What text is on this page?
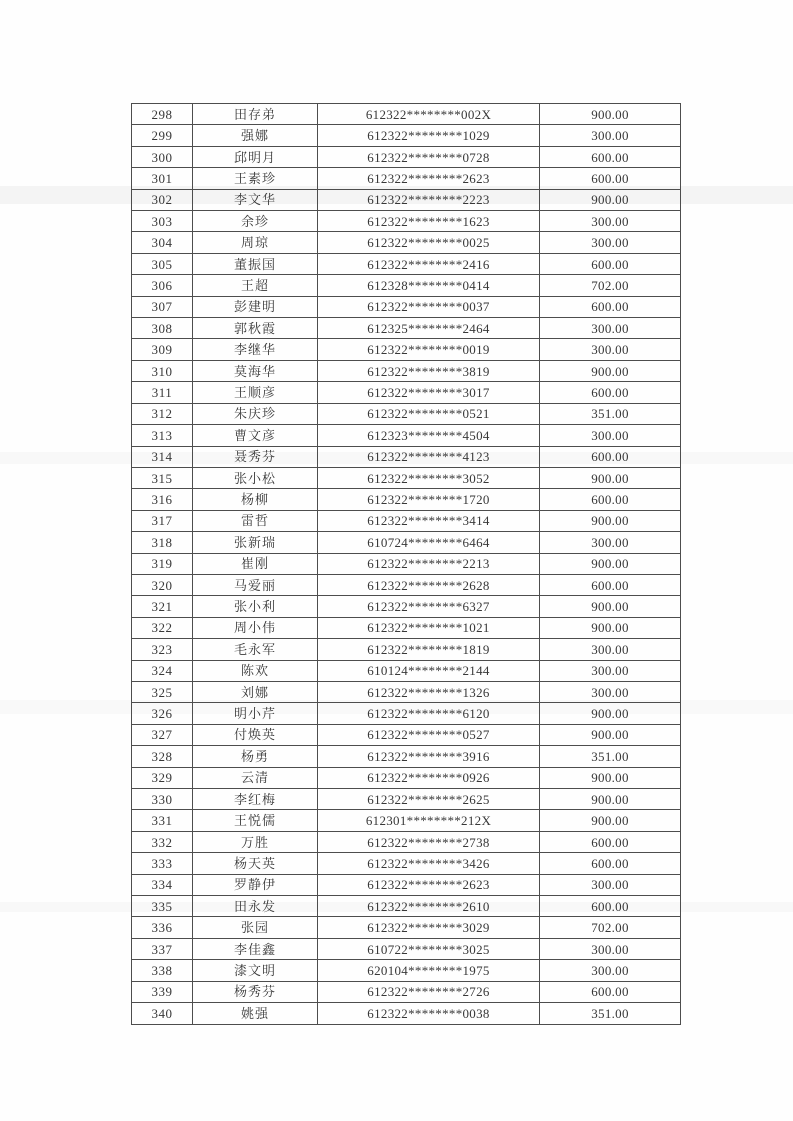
298	田存弟	612322********002X	900.00
299	强娜	612322********1029	300.00
300	邱明月	612322********0728	600.00
301	王素珍	612322********2623	600.00
302	李文华	612322********2223	900.00
303	余珍	612322********1623	300.00
304	周琼	612322********0025	300.00
305	董振国	612322********2416	600.00
306	王超	612328********0414	702.00
307	彭建明	612322********0037	600.00
308	郭秋霞	612325********2464	300.00
309	李继华	612322********0019	300.00
310	莫海华	612322********3819	900.00
311	王顺彦	612322********3017	600.00
312	朱庆珍	612322********0521	351.00
313	曹文彦	612323********4504	300.00
314	聂秀芬	612322********4123	600.00
315	张小松	612322********3052	900.00
316	杨柳	612322********1720	600.00
317	雷哲	612322********3414	900.00
318	张新瑞	610724********6464	300.00
319	崔刚	612322********2213	900.00
320	马爱丽	612322********2628	600.00
321	张小利	612322********6327	900.00
322	周小伟	612322********1021	900.00
323	毛永军	612322********1819	300.00
324	陈欢	610124********2144	300.00
325	刘娜	612322********1326	300.00
326	明小芹	612322********6120	900.00
327	付焕英	612322********0527	900.00
328	杨勇	612322********3916	351.00
329	云清	612322********0926	900.00
330	李红梅	612322********2625	900.00
331	王悦儒	612301********212X	900.00
332	万胜	612322********2738	600.00
333	杨天英	612322********3426	600.00
334	罗静伊	612322********2623	300.00
335	田永发	612322********2610	600.00
336	张园	612322********3029	702.00
337	李佳鑫	610722********3025	300.00
338	漆文明	620104********1975	300.00
339	杨秀芬	612322********2726	600.00
340	姚强	612322********0038	351.00
